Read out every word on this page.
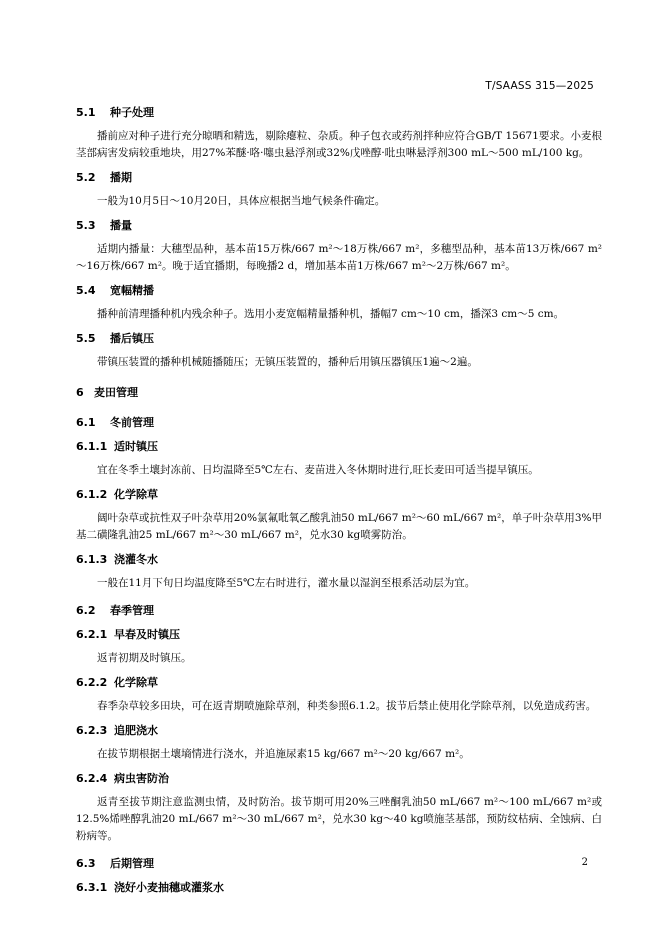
T/SAASS 315—2025
5.1 种子处理

播前应对种子进行充分晾晒和精选，剔除瘪粒、杂质。种子包衣或药剂拌种应符合GB/T 15671要求。小麦根茎部病害发病较重地块，用27%苯醚·咯·噻虫悬浮剂或32%戊唑醇·吡虫啉悬浮剂300 mL～500 mL/100 kg。

5.2 播期

一般为10月5日～10月20日，具体应根据当地气候条件确定。

5.3 播量

适期内播量：大穗型品种，基本苗15万株/667 m²～18万株/667 m²，多穗型品种，基本苗13万株/667 m²～16万株/667 m²。晚于适宜播期，每晚播2 d，增加基本苗1万株/667 m²～2万株/667 m²。

5.4 宽幅精播

播种前清理播种机内残余种子。选用小麦宽幅精量播种机，播幅7 cm～10 cm，播深3 cm～5 cm。

5.5 播后镇压

带镇压装置的播种机械随播随压；无镇压装置的，播种后用镇压器镇压1遍～2遍。

6 麦田管理
6.1 冬前管理
6.1.1 适时镇压

宜在冬季土壤封冻前、日均温降至5℃左右、麦苗进入冬休期时进行,旺长麦田可适当提早镇压。

6.1.2 化学除草

阔叶杂草或抗性双子叶杂草用20%氯氟吡氧乙酸乳油50 mL/667 m²～60 mL/667 m²，单子叶杂草用3%甲基二磺隆乳油25 mL/667 m²～30 mL/667 m²，兑水30 kg喷雾防治。

6.1.3 浇灌冬水

一般在11月下旬日均温度降至5℃左右时进行，灌水量以湿润至根系活动层为宜。

6.2 春季管理
6.2.1 早春及时镇压

返青初期及时镇压。

6.2.2 化学除草

春季杂草较多田块，可在返青期喷施除草剂，种类参照6.1.2。拔节后禁止使用化学除草剂，以免造成药害。

6.2.3 追肥浇水

在拔节期根据土壤墒情进行浇水，并追施尿素15 kg/667 m²～20 kg/667 m²。

6.2.4 病虫害防治

返青至拔节期注意监测虫情，及时防治。拔节期可用20%三唑酮乳油50 mL/667 m²～100 mL/667 m²或12.5%烯唑醇乳油20 mL/667 m²～30 mL/667 m²，兑水30 kg～40 kg喷施茎基部，预防纹枯病、全蚀病、白粉病等。

6.3 后期管理
6.3.1 浇好小麦抽穗或灌浆水
2
